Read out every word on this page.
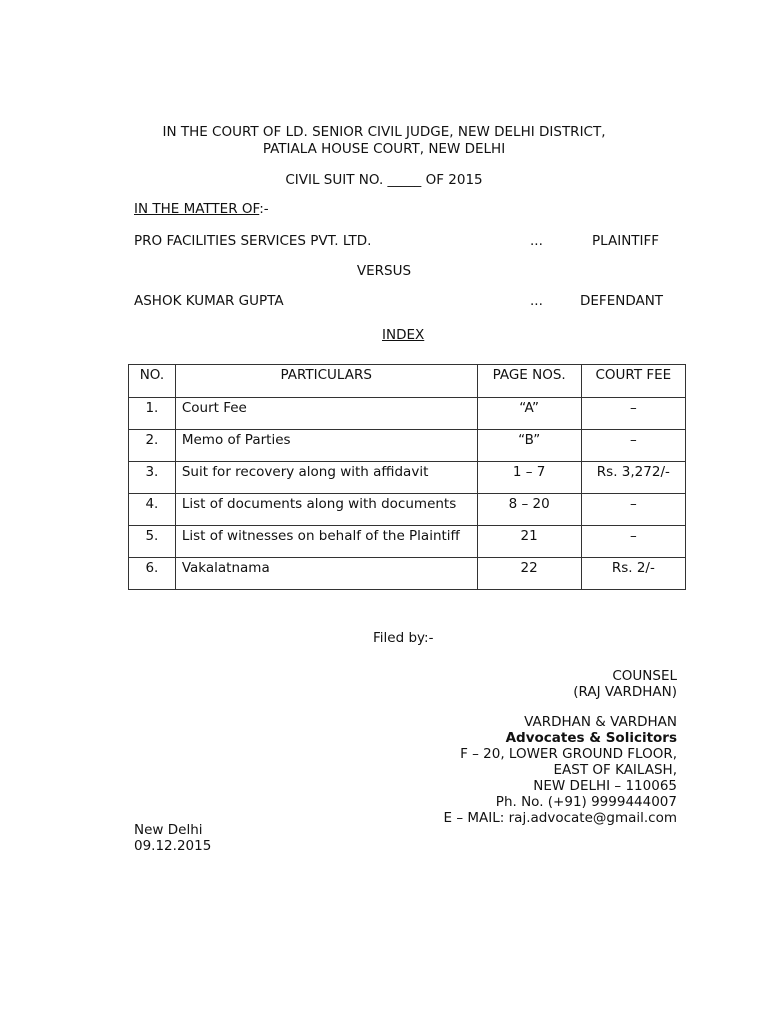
IN THE COURT OF LD. SENIOR CIVIL JUDGE, NEW DELHI DISTRICT,
PATIALA HOUSE COURT, NEW DELHI
CIVIL SUIT NO. _____ OF 2015
IN THE MATTER OF:-
PRO FACILITIES SERVICES PVT. LTD.	...	PLAINTIFF
VERSUS
ASHOK KUMAR GUPTA	...	DEFENDANT
INDEX
NO.	PARTICULARS	PAGE NOS.	COURT FEE
1.	Court Fee	“A”	–
2.	Memo of Parties	“B”	–
3.	Suit for recovery along with affidavit	1 – 7	Rs. 3,272/-
4.	List of documents along with documents	8 – 20	–
5.	List of witnesses on behalf of the Plaintiff	21	–
6.	Vakalatnama	22	Rs. 2/-
Filed by:-
COUNSEL
(RAJ VARDHAN)
VARDHAN & VARDHAN
Advocates & Solicitors
F – 20, LOWER GROUND FLOOR,
EAST OF KAILASH,
NEW DELHI – 110065
Ph. No. (+91) 9999444007
E – MAIL: raj.advocate@gmail.com
New Delhi
09.12.2015
